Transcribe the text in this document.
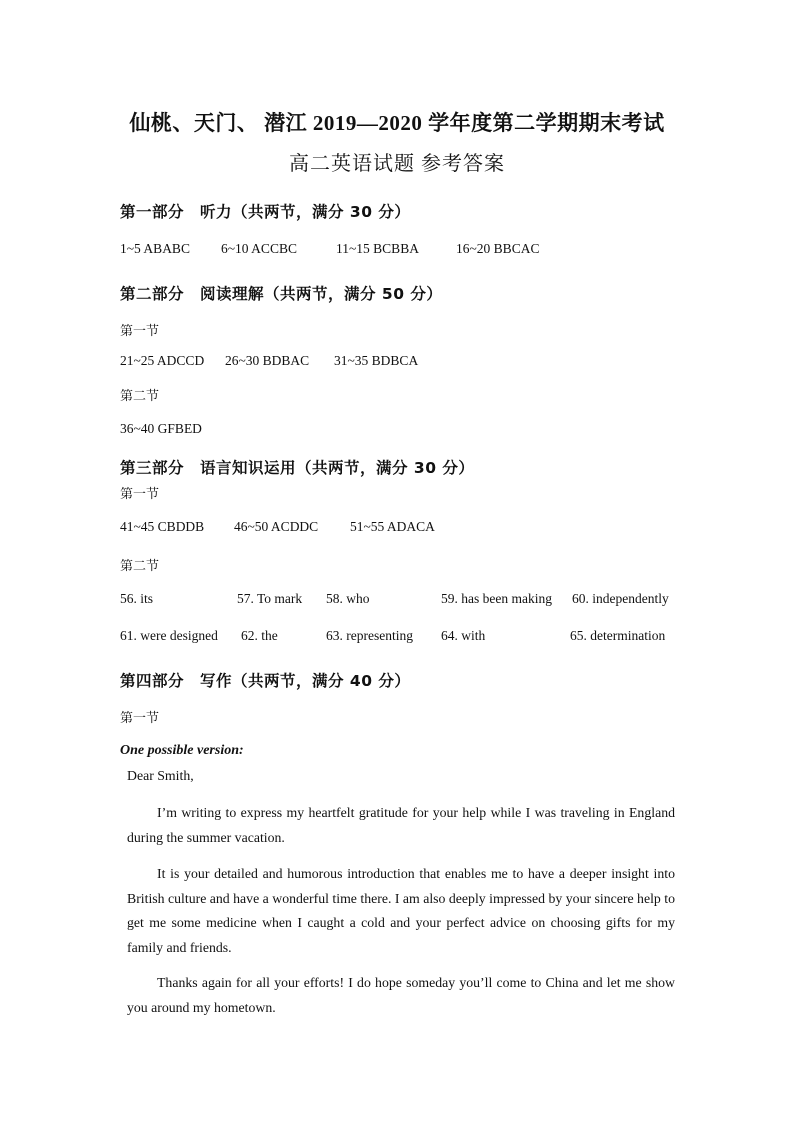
仙桃、天门、 潜江 2019—2020 学年度第二学期期末考试
高二英语试题 参考答案
第一部分 听力（共两节，满分 30 分）
1~5 ABABC 6~10 ACCBC	11~15 BCBBA	16~20 BBCAC
第二部分 阅读理解（共两节，满分 50 分）
第一节
21~25 ADCCD 26~30 BDBAC 31~35 BDBCA
第二节
36~40 GFBED
第三部分 语言知识运用（共两节，满分 30 分）
第一节
41~45 CBDDB 46~50 ACDDC 51~55 ADACA
第二节
56. its	57. To mark 58. who	59. has been making 60. independently
61. were designed 62. the	63. representing 64. with	65. determination
第四部分 写作（共两节，满分 40 分）
第一节
One possible version:
Dear Smith,
I’m writing to express my heartfelt gratitude for your help while I was traveling in England during the summer vacation.
It is your detailed and humorous introduction that enables me to have a deeper insight into British culture and have a wonderful time there. I am also deeply impressed by your sincere help to get me some medicine when I caught a cold and your perfect advice on choosing gifts for my family and friends.
Thanks again for all your efforts! I do hope someday you’ll come to China and let me show you around my hometown.
